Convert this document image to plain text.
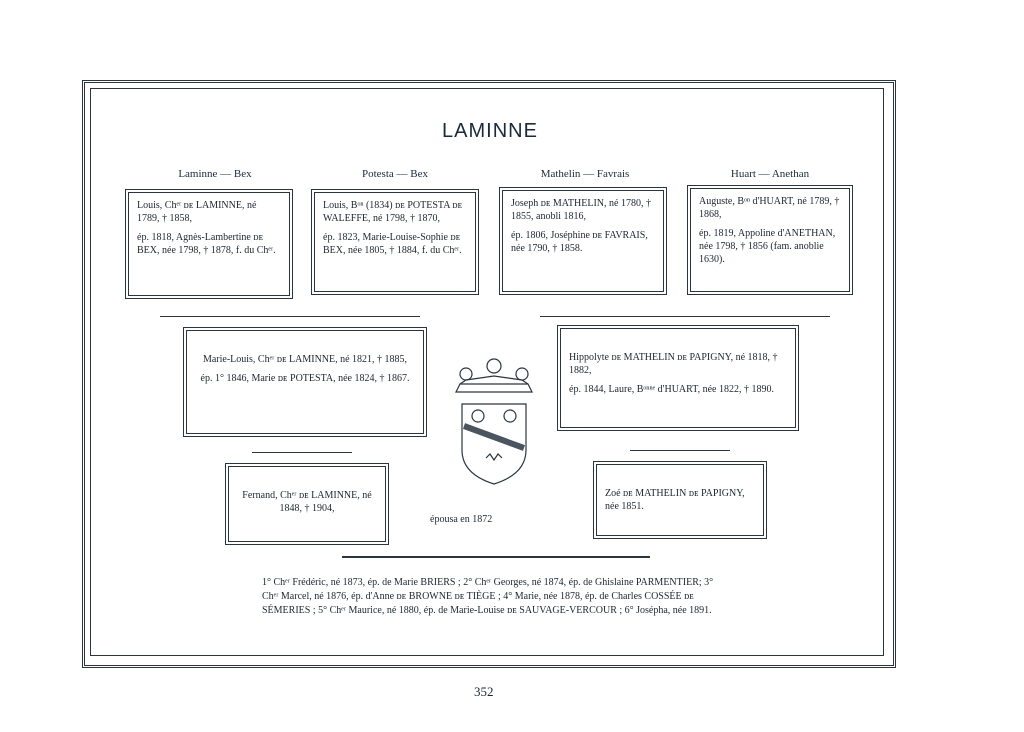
LAMINNE
Laminne — Bex	Potesta — Bex	Mathelin — Favrais	Huart — Anethan

Louis, Chᵉʳ ᴅᴇ LAMINNE, né 1789, † 1858,

ép. 1818, Agnès-Lambertine ᴅᴇ BEX, née 1798, † 1878, f. du Chᵉʳ.

Louis, Bᵒⁿ (1834) ᴅᴇ POTESTA ᴅᴇ WALEFFE, né 1798, † 1870,

ép. 1823, Marie-Louise-Sophie ᴅᴇ BEX, née 1805, † 1884, f. du Chᵉʳ.

Joseph ᴅᴇ MATHELIN, né 1780, † 1855, anobli 1816,

ép. 1806, Joséphine ᴅᴇ FAVRAIS, née 1790, † 1858.

Auguste, Bᵒⁿ d'HUART, né 1789, † 1868,

ép. 1819, Appoline d'ANETHAN, née 1798, † 1856 (fam. anoblie 1630).

Marie-Louis, Chᵉʳ ᴅᴇ LAMINNE, né 1821, † 1885,

ép. 1° 1846, Marie ᴅᴇ POTESTA, née 1824, † 1867.

Hippolyte ᴅᴇ MATHELIN ᴅᴇ PAPIGNY, né 1818, † 1882,

ép. 1844, Laure, Bᵒⁿⁿᵉ d'HUART, née 1822, † 1890.

Fernand, Chᵉʳ ᴅᴇ LAMINNE, né 1848, † 1904,

Zoé ᴅᴇ MATHELIN ᴅᴇ PAPIGNY, née 1851.

épousa en 1872
1° Chᵉʳ Frédéric, né 1873, ép. de Marie BRIERS ; 2° Chᵉʳ Georges, né 1874, ép. de Ghislaine PARMENTIER; 3° Chᵉʳ Marcel, né 1876, ép. d'Anne ᴅᴇ BROWNE ᴅᴇ TIÈGE ; 4° Marie, née 1878, ép. de Charles COSSÉE ᴅᴇ SÉMERIES ; 5° Chᵉʳ Maurice, né 1880, ép. de Marie-Louise ᴅᴇ SAUVAGE-VERCOUR ; 6° Josépha, née 1891.
352
